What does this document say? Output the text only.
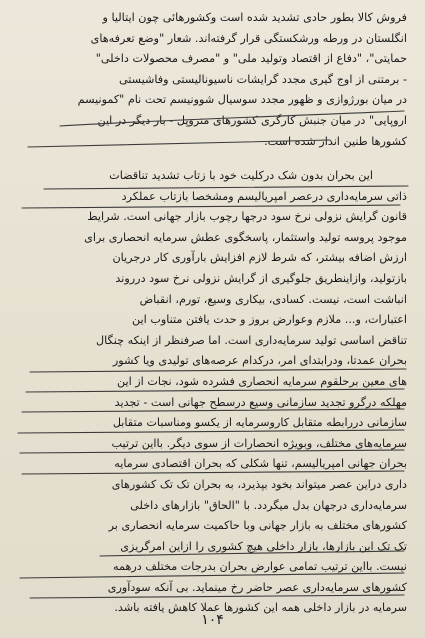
فروش کالا بطور حادی تشدید شده است وکشورهائی چون ایتالیا و
انگلستان در ورطه ورشکستگی قرار گرفته‌اند. شعار "وضع تعرفه‌های
حمایتی"، "دفاع از اقتصاد وتولید ملی" و "مصرف محصولات داخلی"
- برمتنی از اوج گیری مجدد گرایشات ناسیونالیستی وفاشیستی
در میان بورژوازی و ظهور مجدد سوسیال شوونیسم تحت نام "کمونیسم
اروپایی" در میان جنبش کارگری کشورهای متروپل - بار دیگر در این
کشورها طنین انداز شده است.
این بحران بدون شک درکلیت خود با زتاب تشدید تناقضات
ذاتی سرمایه‌داری درعصر امپریالیسم ومشخصا بازتاب عملکرد
قانون گرایش نزولی نرخ سود درجها رچوب بازار جهانی است. شرایط
موجود پروسه تولید واستثمار، پاسخگوی عطش سرمایه انحصاری برای
ارزش اضافه بیشتر، که شرط لازم افزایش بارآوری کار درجریان
بازتولید، وازاینطریق جلوگیری از گرایش نزولی نرخ سود درروند
انباشت است، نیست. کسادی، بیکاری وسیع، تورم، انقباض
اعتبارات، و... ملازم وعوارض بروز و حدت یافتن متناوب این
تناقض اساسی تولید سرمایه‌داری است. اما صرفنظر از اینکه چنگال
بحران عمدتا، ودرابتدای امر، درکدام عرصه‌های تولیدی ویا کشور
های معین برحلقوم سرمایه انحصاری فشرده شود، نجات از این
مهلکه درگرو تجدید سازمانی وسیع درسطح جهانی است - تجدید
سازمانی دررابطه متقابل کاروسرمایه از یکسو ومناسبات متقابل
سرمایه‌های مختلف، وبویژه انحصارات از سوی دیگر. بااین ترتیب
بحران جهانی امپریالیسم، تنها شکلی که بحران اقتصادی سرمایه
داری دراین عصر میتواند بخود بپذیرد، به بحران تک تک کشورهای
سرمایه‌داری درجهان بدل میگردد. با "الحاق" بازارهای داخلی
کشورهای مختلف به بازار جهانی وبا حاکمیت سرمایه انحصاری بر
تک تک این بازارها، بازار داخلی هیچ کشوری را ازاین امرگریزی
نیست. بااین ترتیب تمامی عوارض بحران بدرجات مختلف درهمه
کشورهای سرمایه‌داری عصر حاضر رخ مینماید. بی آنکه سودآوری
سرمایه در بازار داخلی همه این کشورها عملا کاهش یافته باشد.
۱۰۴
